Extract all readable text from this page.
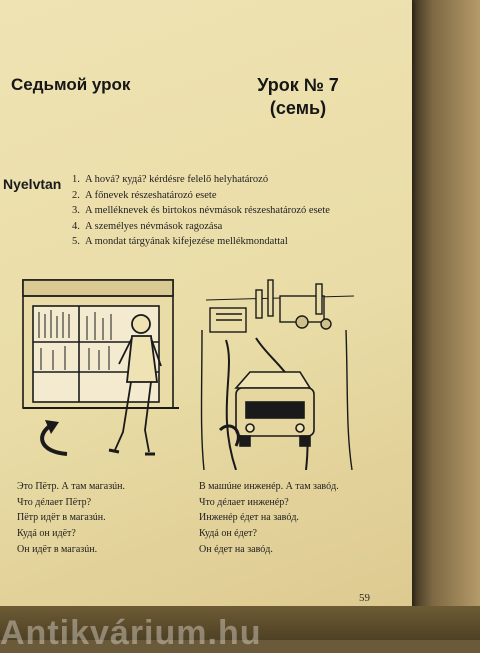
Седьмой урок	Урок № 7
(семь)
Nyelvtan 1. A hová? кудá? kérdésre felelő helyhatározó
2. A főnevek részeshatározó esete
3. A melléknevek és birtokos névmások részeshatározó esete
4. A személyes névmások ragozása
5. A mondat tárgyának kifejezése mellékmondattal
Это Пётр. А там магазúн.
Что дéлает Пётр?
Пётр идёт в магазúн.
Кудá он идёт?
Он идёт в магазúн.
В машúне инженéр. А там завóд.
Что дéлает инженéр?
Инженéр éдет на завóд.
Кудá он éдет?
Он éдет на завóд.
59
Antikvárium.hu
